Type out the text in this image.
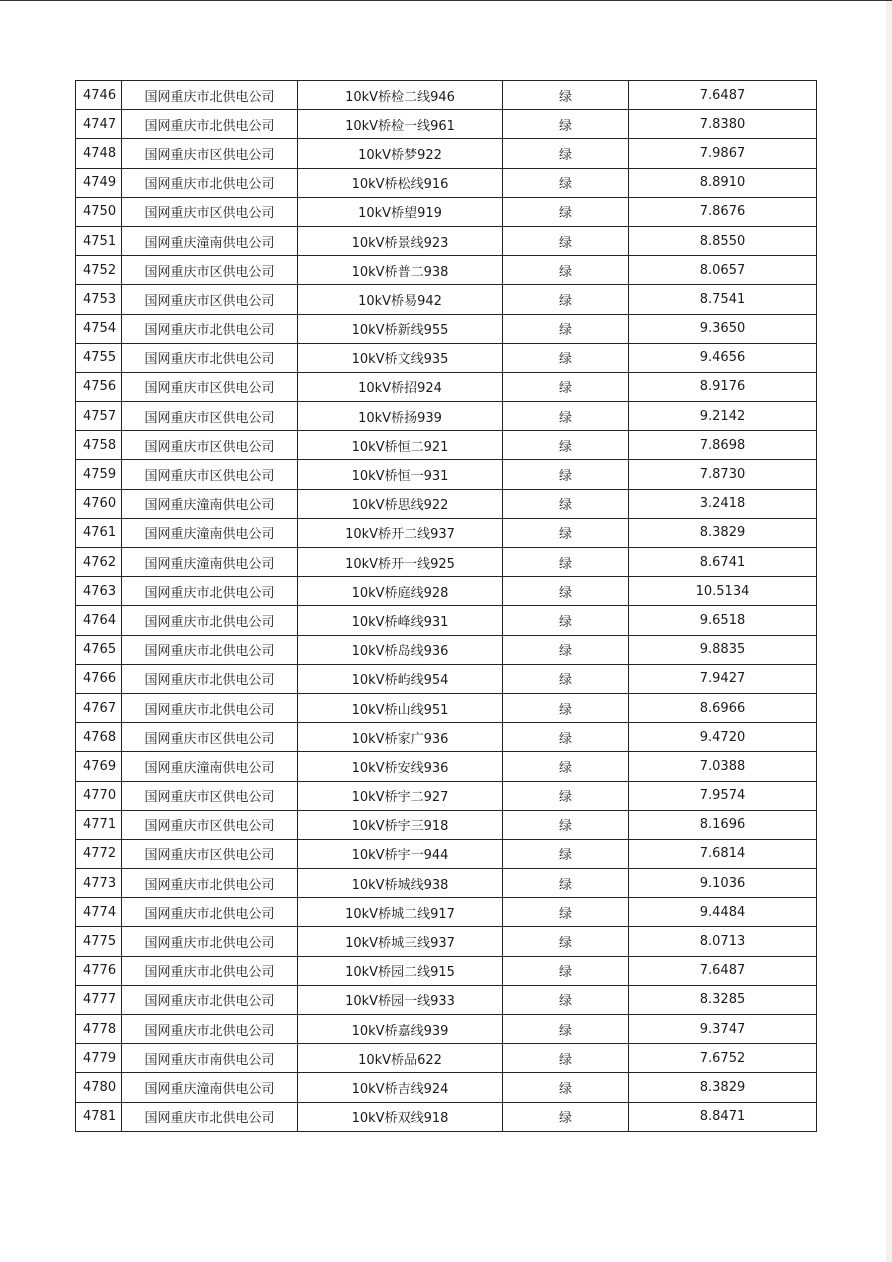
4746	国网重庆市北供电公司	10kV桥检二线946	绿	7.6487
4747	国网重庆市北供电公司	10kV桥检一线961	绿	7.8380
4748	国网重庆市区供电公司	10kV桥梦922	绿	7.9867
4749	国网重庆市北供电公司	10kV桥松线916	绿	8.8910
4750	国网重庆市区供电公司	10kV桥望919	绿	7.8676
4751	国网重庆潼南供电公司	10kV桥景线923	绿	8.8550
4752	国网重庆市区供电公司	10kV桥普二938	绿	8.0657
4753	国网重庆市区供电公司	10kV桥易942	绿	8.7541
4754	国网重庆市北供电公司	10kV桥新线955	绿	9.3650
4755	国网重庆市北供电公司	10kV桥文线935	绿	9.4656
4756	国网重庆市区供电公司	10kV桥招924	绿	8.9176
4757	国网重庆市区供电公司	10kV桥扬939	绿	9.2142
4758	国网重庆市区供电公司	10kV桥恒二921	绿	7.8698
4759	国网重庆市区供电公司	10kV桥恒一931	绿	7.8730
4760	国网重庆潼南供电公司	10kV桥思线922	绿	3.2418
4761	国网重庆潼南供电公司	10kV桥开二线937	绿	8.3829
4762	国网重庆潼南供电公司	10kV桥开一线925	绿	8.6741
4763	国网重庆市北供电公司	10kV桥庭线928	绿	10.5134
4764	国网重庆市北供电公司	10kV桥峰线931	绿	9.6518
4765	国网重庆市北供电公司	10kV桥岛线936	绿	9.8835
4766	国网重庆市北供电公司	10kV桥屿线954	绿	7.9427
4767	国网重庆市北供电公司	10kV桥山线951	绿	8.6966
4768	国网重庆市区供电公司	10kV桥家广936	绿	9.4720
4769	国网重庆潼南供电公司	10kV桥安线936	绿	7.0388
4770	国网重庆市区供电公司	10kV桥宇二927	绿	7.9574
4771	国网重庆市区供电公司	10kV桥宇三918	绿	8.1696
4772	国网重庆市区供电公司	10kV桥宇一944	绿	7.6814
4773	国网重庆市北供电公司	10kV桥城线938	绿	9.1036
4774	国网重庆市北供电公司	10kV桥城二线917	绿	9.4484
4775	国网重庆市北供电公司	10kV桥城三线937	绿	8.0713
4776	国网重庆市北供电公司	10kV桥园二线915	绿	7.6487
4777	国网重庆市北供电公司	10kV桥园一线933	绿	8.3285
4778	国网重庆市北供电公司	10kV桥嘉线939	绿	9.3747
4779	国网重庆市南供电公司	10kV桥品622	绿	7.6752
4780	国网重庆潼南供电公司	10kV桥吉线924	绿	8.3829
4781	国网重庆市北供电公司	10kV桥双线918	绿	8.8471
